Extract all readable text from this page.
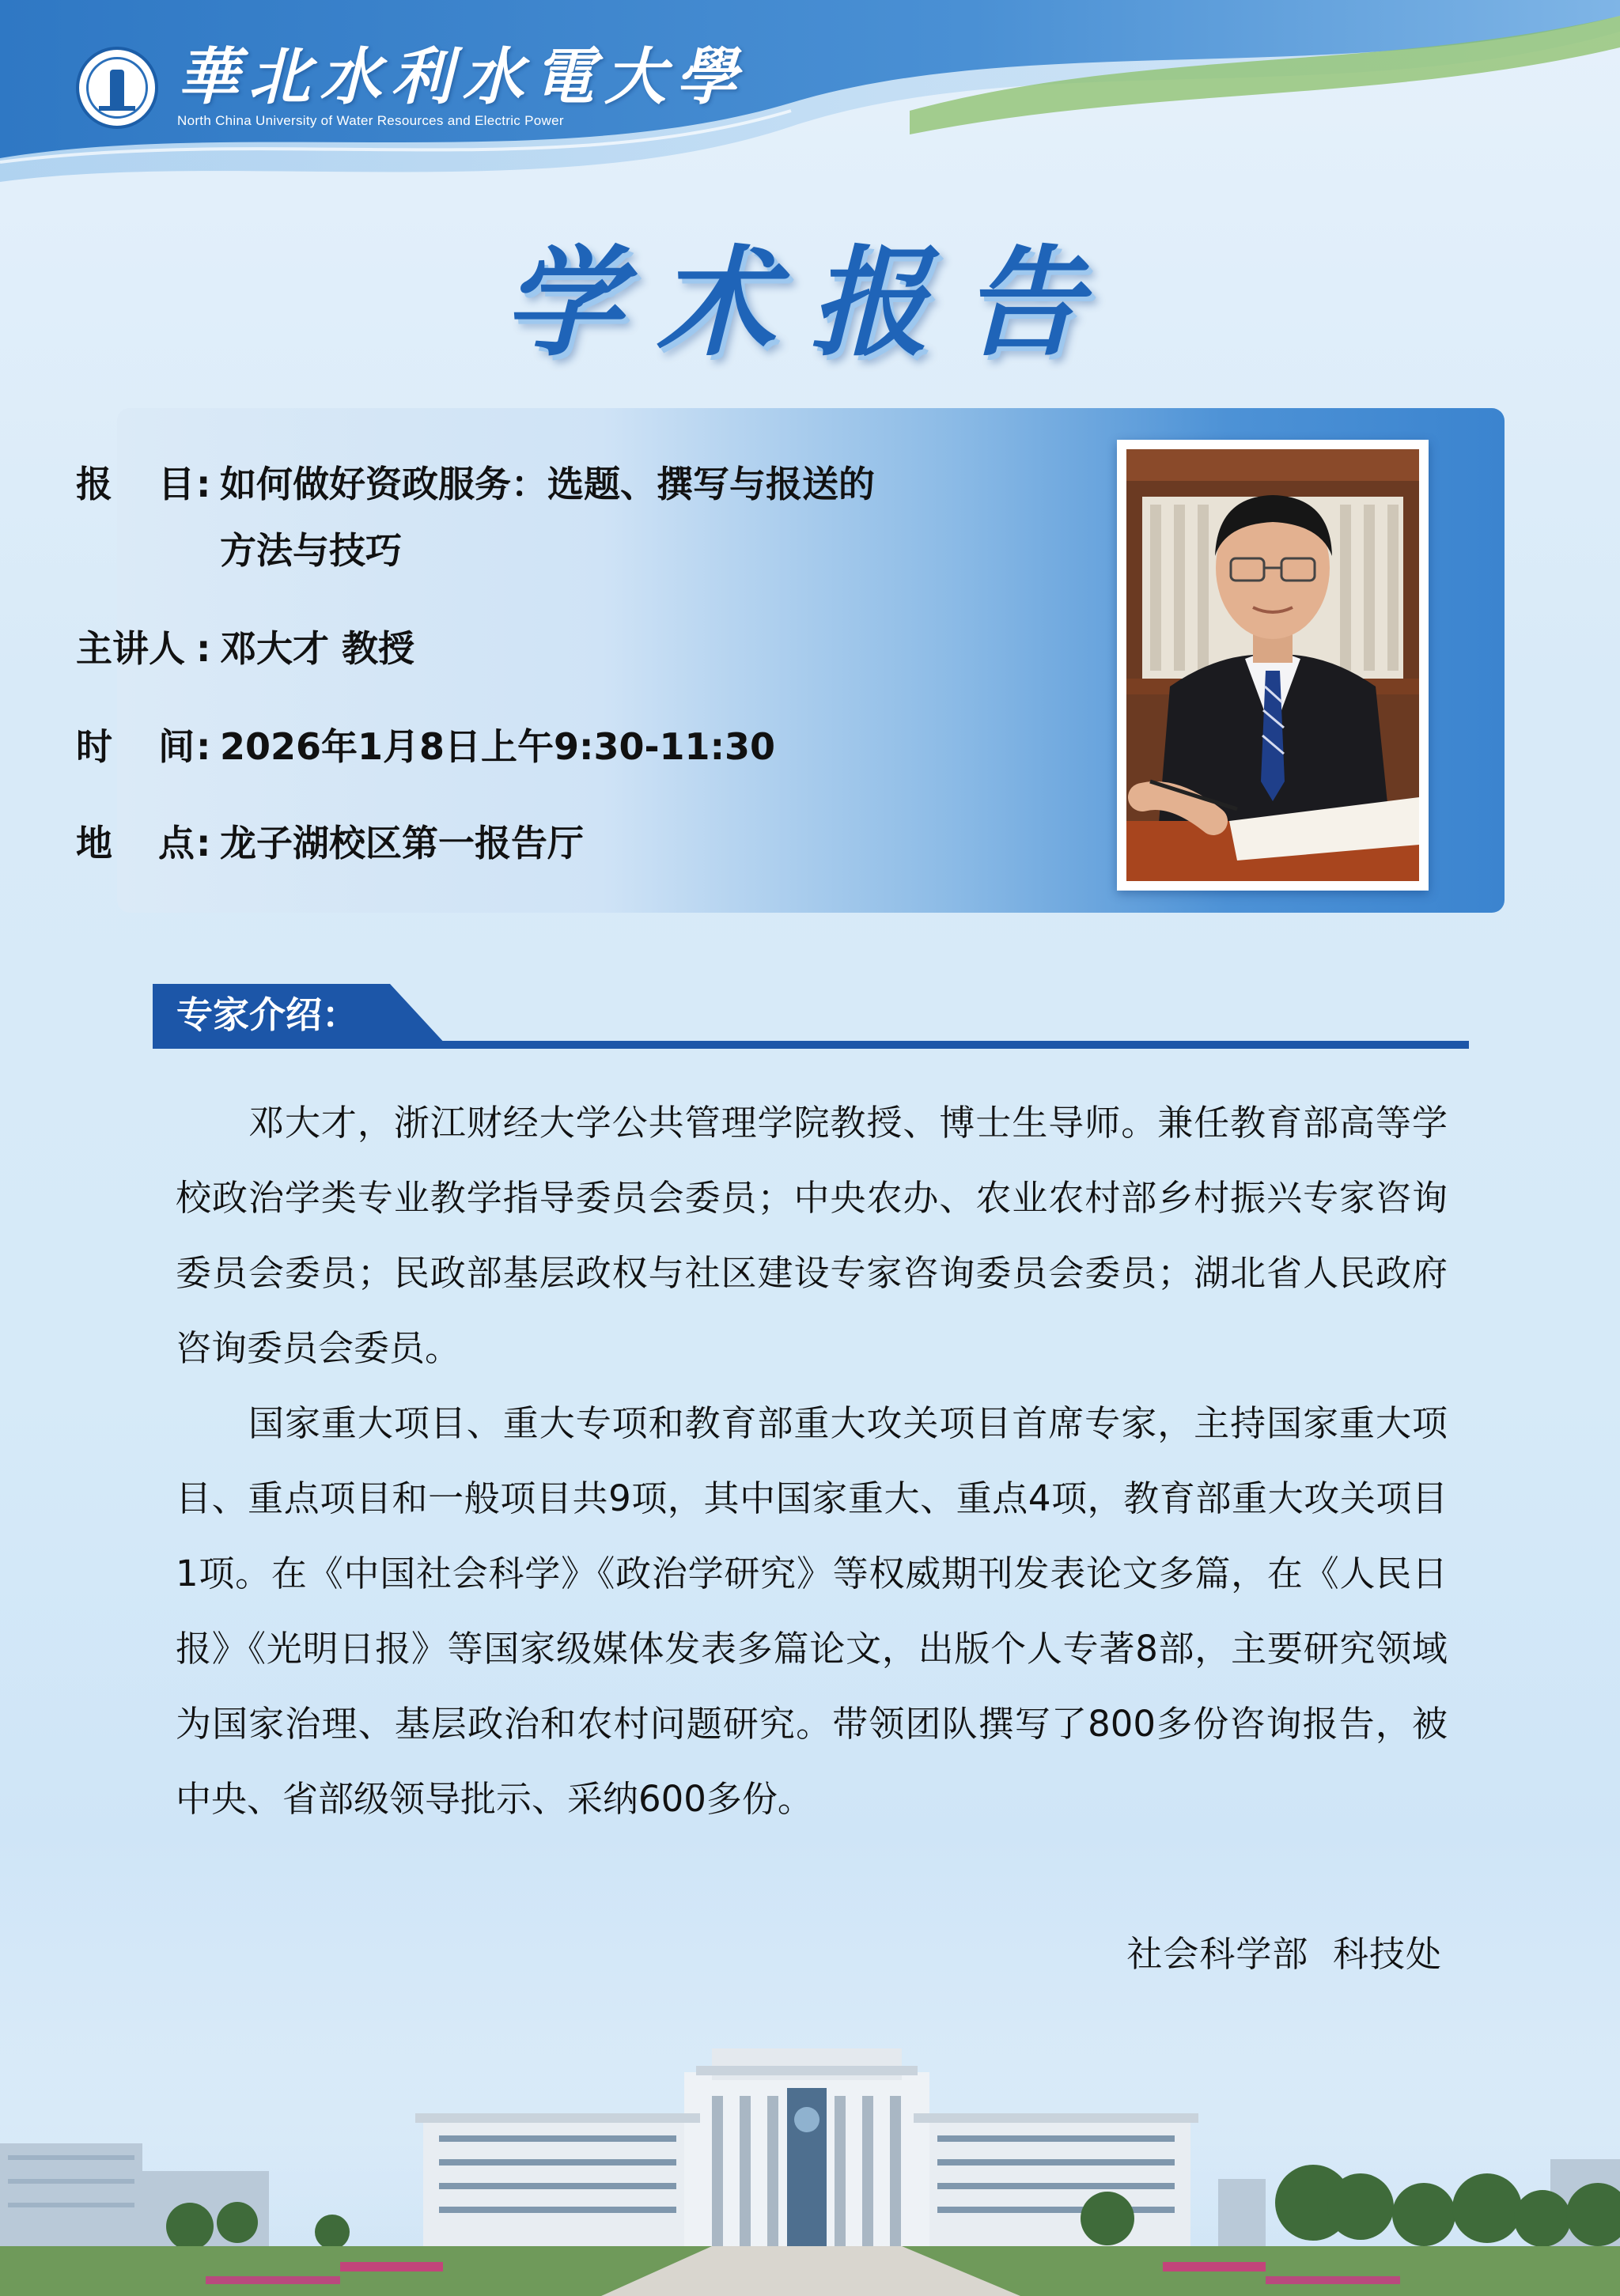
華北水利水電大學
North China University of Water Resources and Electric Power
学术报告
报 目 : 如何做好资政服务：选题、撰写与报送的
方法与技巧
主讲人 : 邓大才 教授
时 间 : 2026年1月8日上午9:30-11:30
地 点 : 龙子湖校区第一报告厅
专家介绍：

邓大才，浙江财经大学公共管理学院教授、博士生导师。兼任教育部高等学校政治学类专业教学指导委员会委员；中央农办、农业农村部乡村振兴专家咨询委员会委员；民政部基层政权与社区建设专家咨询委员会委员；湖北省人民政府咨询委员会委员。

国家重大项目、重大专项和教育部重大攻关项目首席专家，主持国家重大项目、重点项目和一般项目共9项，其中国家重大、重点4项，教育部重大攻关项目1项。在《中国社会科学》《政治学研究》等权威期刊发表论文多篇，在《人民日报》《光明日报》等国家级媒体发表多篇论文，出版个人专著8部，主要研究领域为国家治理、基层政治和农村问题研究。带领团队撰写了800多份咨询报告，被中央、省部级领导批示、采纳600多份。

社会科学部  科技处
